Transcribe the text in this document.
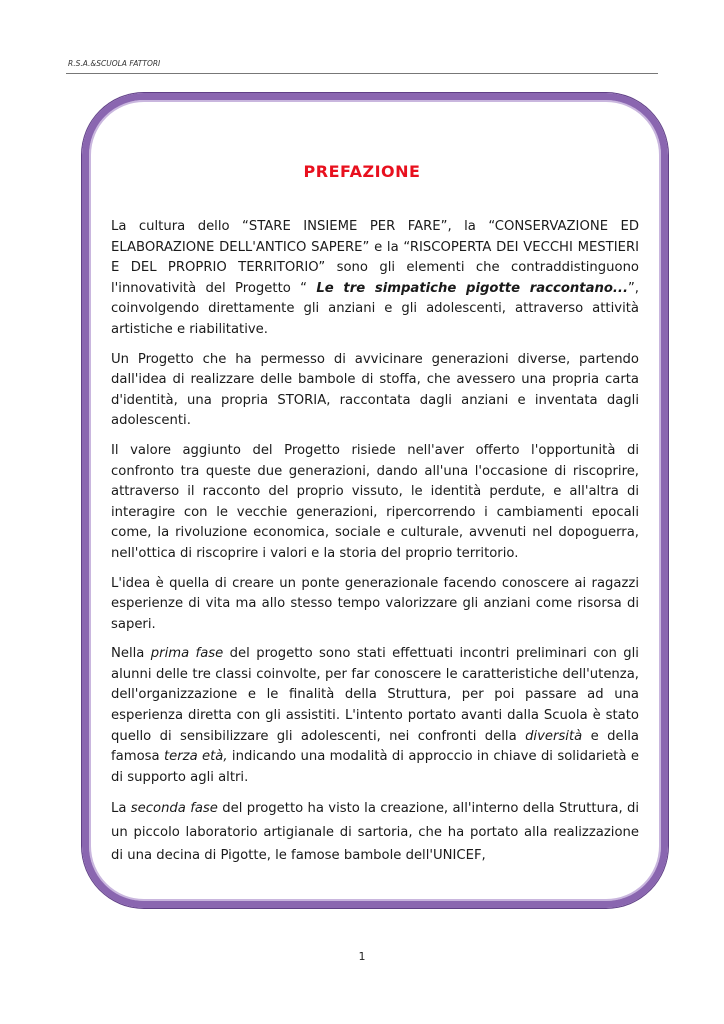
R.S.A.&SCUOLA FATTORI
PREFAZIONE

La cultura dello “STARE INSIEME PER FARE”, la “CONSERVAZIONE ED ELABORAZIONE DELL'ANTICO SAPERE” e la “RISCOPERTA DEI VECCHI MESTIERI E DEL PROPRIO TERRITORIO” sono gli elementi che contraddistinguono l'innovatività del Progetto “ Le tre simpatiche pigotte raccontano...”, coinvolgendo direttamente gli anziani e gli adolescenti, attraverso attività artistiche e riabilitative.

Un Progetto che ha permesso di avvicinare generazioni diverse, partendo dall'idea di realizzare delle bambole di stoffa, che avessero una propria carta d'identità, una propria STORIA, raccontata dagli anziani e inventata dagli adolescenti.

Il valore aggiunto del Progetto risiede nell'aver offerto l'opportunità di confronto tra queste due generazioni, dando all'una l'occasione di riscoprire, attraverso il racconto del proprio vissuto, le identità perdute, e all'altra di interagire con le vecchie generazioni, ripercorrendo i cambiamenti epocali come, la rivoluzione economica, sociale e culturale, avvenuti nel dopoguerra, nell'ottica di riscoprire i valori e la storia del proprio territorio.

L'idea è quella di creare un ponte generazionale facendo conoscere ai ragazzi esperienze di vita ma allo stesso tempo valorizzare gli anziani come risorsa di saperi.

Nella prima fase del progetto sono stati effettuati incontri preliminari con gli alunni delle tre classi coinvolte, per far conoscere le caratteristiche dell'utenza, dell'organizzazione e le finalità della Struttura, per poi passare ad una esperienza diretta con gli assistiti. L'intento portato avanti dalla Scuola è stato quello di sensibilizzare gli adolescenti, nei confronti della diversità e della famosa terza età, indicando una modalità di approccio in chiave di solidarietà e di supporto agli altri.

La seconda fase del progetto ha visto la creazione, all'interno della Struttura, di un piccolo laboratorio artigianale di sartoria, che ha portato alla realizzazione di una decina di Pigotte, le famose bambole dell'UNICEF,

1
